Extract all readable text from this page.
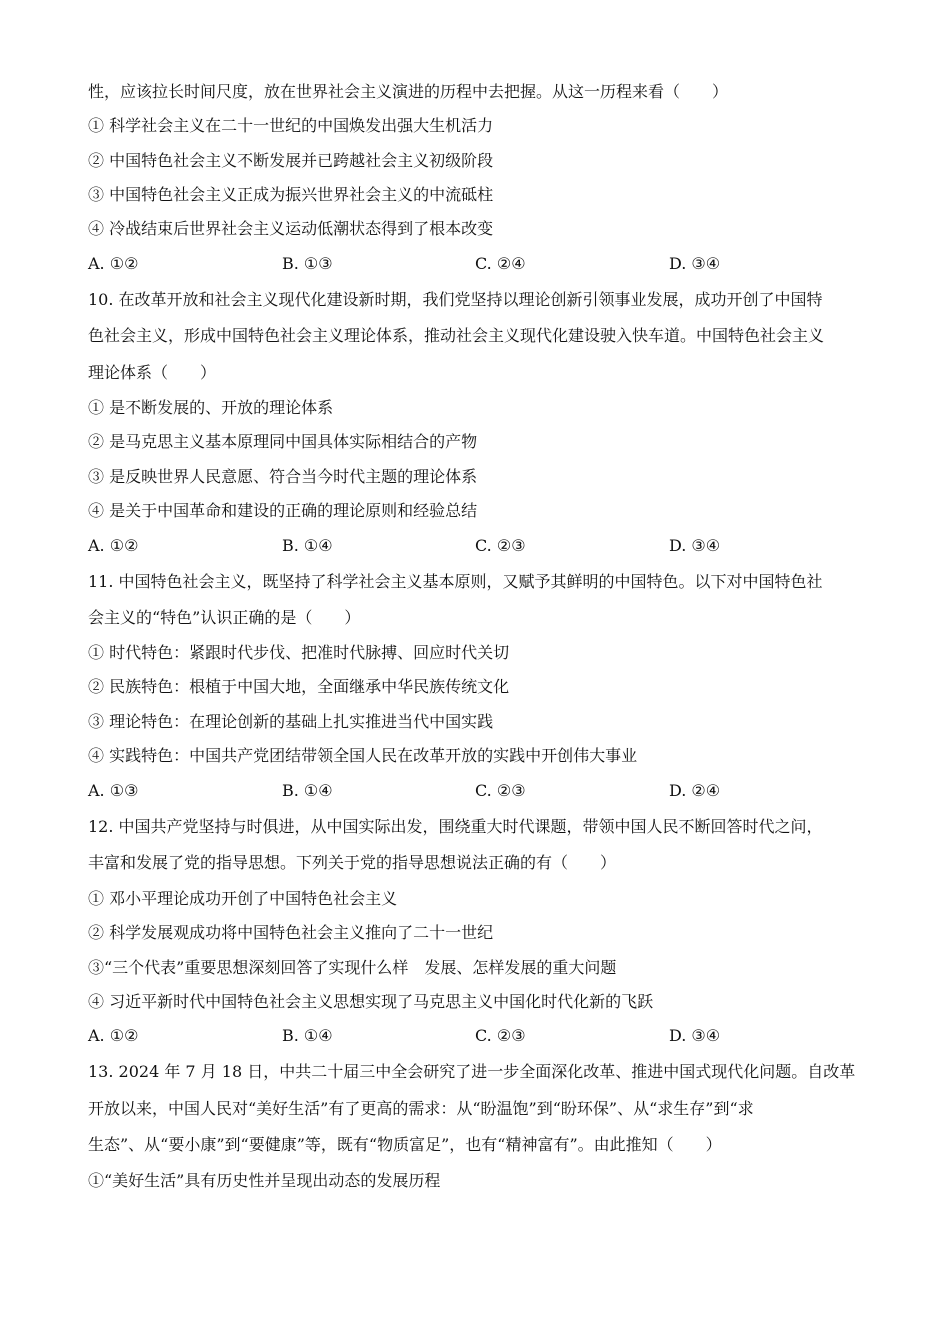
性，应该拉长时间尺度，放在世界社会主义演进的历程中去把握。从这一历程来看（　　）
① 科学社会主义在二十一世纪的中国焕发出强大生机活力
② 中国特色社会主义不断发展并已跨越社会主义初级阶段
③ 中国特色社会主义正成为振兴世界社会主义的中流砥柱
④ 冷战结束后世界社会主义运动低潮状态得到了根本改变
A. ①②	B. ①③	C. ②④	D. ③④
10. 在改革开放和社会主义现代化建设新时期，我们党坚持以理论创新引领事业发展，成功开创了中国特
色社会主义，形成中国特色社会主义理论体系，推动社会主义现代化建设驶入快车道。中国特色社会主义
理论体系（　　）
① 是不断发展的、开放的理论体系
② 是马克思主义基本原理同中国具体实际相结合的产物
③ 是反映世界人民意愿、符合当今时代主题的理论体系
④ 是关于中国革命和建设的正确的理论原则和经验总结
A. ①②	B. ①④	C. ②③	D. ③④
11. 中国特色社会主义，既坚持了科学社会主义基本原则，又赋予其鲜明的中国特色。以下对中国特色社
会主义的“特色”认识正确的是（　　）
① 时代特色：紧跟时代步伐、把准时代脉搏、回应时代关切
② 民族特色：根植于中国大地，全面继承中华民族传统文化
③ 理论特色：在理论创新的基础上扎实推进当代中国实践
④ 实践特色：中国共产党团结带领全国人民在改革开放的实践中开创伟大事业
A. ①③	B. ①④	C. ②③	D. ②④
12. 中国共产党坚持与时俱进，从中国实际出发，围绕重大时代课题，带领中国人民不断回答时代之问，
丰富和发展了党的指导思想。下列关于党的指导思想说法正确的有（　　）
① 邓小平理论成功开创了中国特色社会主义
② 科学发展观成功将中国特色社会主义推向了二十一世纪
③“三个代表”重要思想深刻回答了实现什么样　发展、怎样发展的重大问题
④ 习近平新时代中国特色社会主义思想实现了马克思主义中国化时代化新的飞跃
A. ①②	B. ①④	C. ②③	D. ③④
13. 2024 年 7 月 18 日，中共二十届三中全会研究了进一步全面深化改革、推进中国式现代化问题。自改革
开放以来，中国人民对“美好生活”有了更高的需求：从“盼温饱”到“盼环保”、从“求生存”到“求
生态”、从“要小康”到“要健康”等，既有“物质富足”，也有“精神富有”。由此推知（　　）
①“美好生活”具有历史性并呈现出动态的发展历程
